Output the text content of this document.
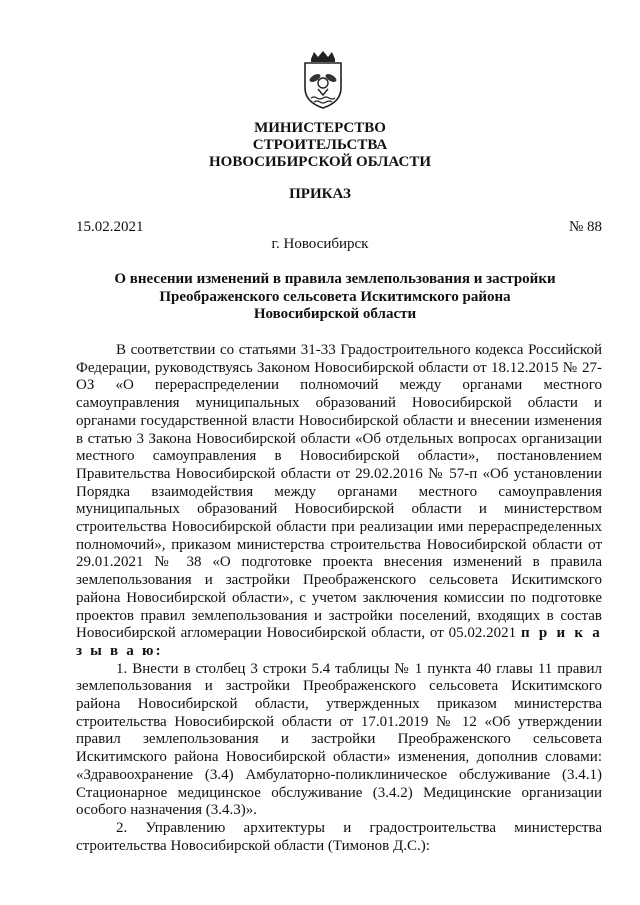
МИНИСТЕРСТВО
СТРОИТЕЛЬСТВА
НОВОСИБИРСКОЙ ОБЛАСТИ
ПРИКАЗ
15.02.2021	№ 88
г. Новосибирск
О внесении изменений в правила землепользования и застройки
Преображенского сельсовета Искитимского района
Новосибирской области

В соответствии со статьями 31-33 Градостроительного кодекса Российской Федерации, руководствуясь Законом Новосибирской области от 18.12.2015 № 27-ОЗ «О перераспределении полномочий между органами местного самоуправления муниципальных образований Новосибирской области и органами государственной власти Новосибирской области и внесении изменения в статью 3 Закона Новосибирской области «Об отдельных вопросах организации местного самоуправления в Новосибирской области», постановлением Правительства Новосибирской области от 29.02.2016 № 57-п «Об установлении Порядка взаимодействия между органами местного самоуправления муниципальных образований Новосибирской области и министерством строительства Новосибирской области при реализации ими перераспределенных полномочий», приказом министерства строительства Новосибирской области от 29.01.2021 № 38 «О подготовке проекта внесения изменений в правила землепользования и застройки Преображенского сельсовета Искитимского района Новосибирской области», с учетом заключения комиссии по подготовке проектов правил землепользования и застройки поселений, входящих в состав Новосибирской агломерации Новосибирской области, от 05.02.2021 п р и к а з ы в а ю:

1. Внести в столбец 3 строки 5.4 таблицы № 1 пункта 40 главы 11 правил землепользования и застройки Преображенского сельсовета Искитимского района Новосибирской области, утвержденных приказом министерства строительства Новосибирской области от 17.01.2019 № 12 «Об утверждении правил землепользования и застройки Преображенского сельсовета Искитимского района Новосибирской области» изменения, дополнив словами: «Здравоохранение (3.4) Амбулаторно-поликлиническое обслуживание (3.4.1) Стационарное медицинское обслуживание (3.4.2) Медицинские организации особого назначения (3.4.3)».

2. Управлению архитектуры и градостроительства министерства строительства Новосибирской области (Тимонов Д.С.):
